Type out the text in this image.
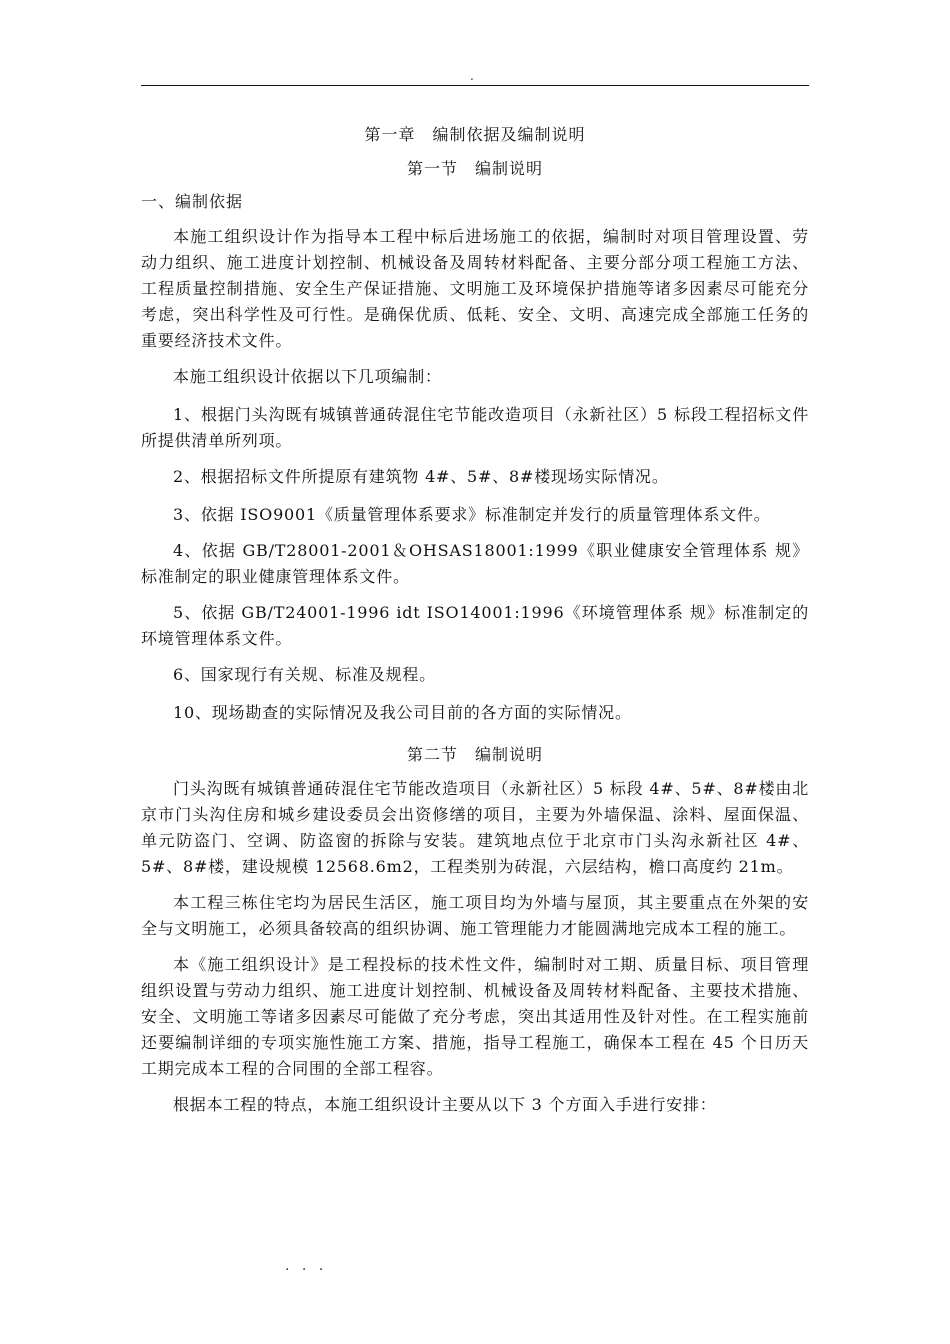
.
第一章　编制依据及编制说明
第一节　编制说明
一、编制依据

本施工组织设计作为指导本工程中标后进场施工的依据，编制时对项目管理设置、劳动力组织、施工进度计划控制、机械设备及周转材料配备、主要分部分项工程施工方法、工程质量控制措施、安全生产保证措施、文明施工及环境保护措施等诸多因素尽可能充分考虑，突出科学性及可行性。是确保优质、低耗、安全、文明、高速完成全部施工任务的重要经济技术文件。

本施工组织设计依据以下几项编制：

1、根据门头沟既有城镇普通砖混住宅节能改造项目（永新社区）5 标段工程招标文件所提供清单所列项。

2、根据招标文件所提原有建筑物 4#、5#、8#楼现场实际情况。

3、依据 ISO9001《质量管理体系要求》标准制定并发行的质量管理体系文件。

4、依据 GB/T28001-2001＆OHSAS18001:1999《职业健康安全管理体系 规》标准制定的职业健康管理体系文件。

5、依据 GB/T24001-1996 idt ISO14001:1996《环境管理体系 规》标准制定的环境管理体系文件。

6、国家现行有关规、标准及规程。

10、现场勘查的实际情况及我公司目前的各方面的实际情况。

第二节　编制说明

门头沟既有城镇普通砖混住宅节能改造项目（永新社区）5 标段 4#、5#、8#楼由北京市门头沟住房和城乡建设委员会出资修缮的项目，主要为外墙保温、涂料、屋面保温、单元防盗门、空调、防盗窗的拆除与安装。建筑地点位于北京市门头沟永新社区 4#、5#、8#楼，建设规模 12568.6m2，工程类别为砖混，六层结构，檐口高度约 21m。

本工程三栋住宅均为居民生活区，施工项目均为外墙与屋顶，其主要重点在外架的安全与文明施工，必须具备较高的组织协调、施工管理能力才能圆满地完成本工程的施工。

本《施工组织设计》是工程投标的技术性文件，编制时对工期、质量目标、项目管理组织设置与劳动力组织、施工进度计划控制、机械设备及周转材料配备、主要技术措施、安全、文明施工等诸多因素尽可能做了充分考虑，突出其适用性及针对性。在工程实施前还要编制详细的专项实施性施工方案、措施，指导工程施工，确保本工程在 45 个日历天工期完成本工程的合同围的全部工程容。

根据本工程的特点，本施工组织设计主要从以下 3 个方面入手进行安排：

. . .
